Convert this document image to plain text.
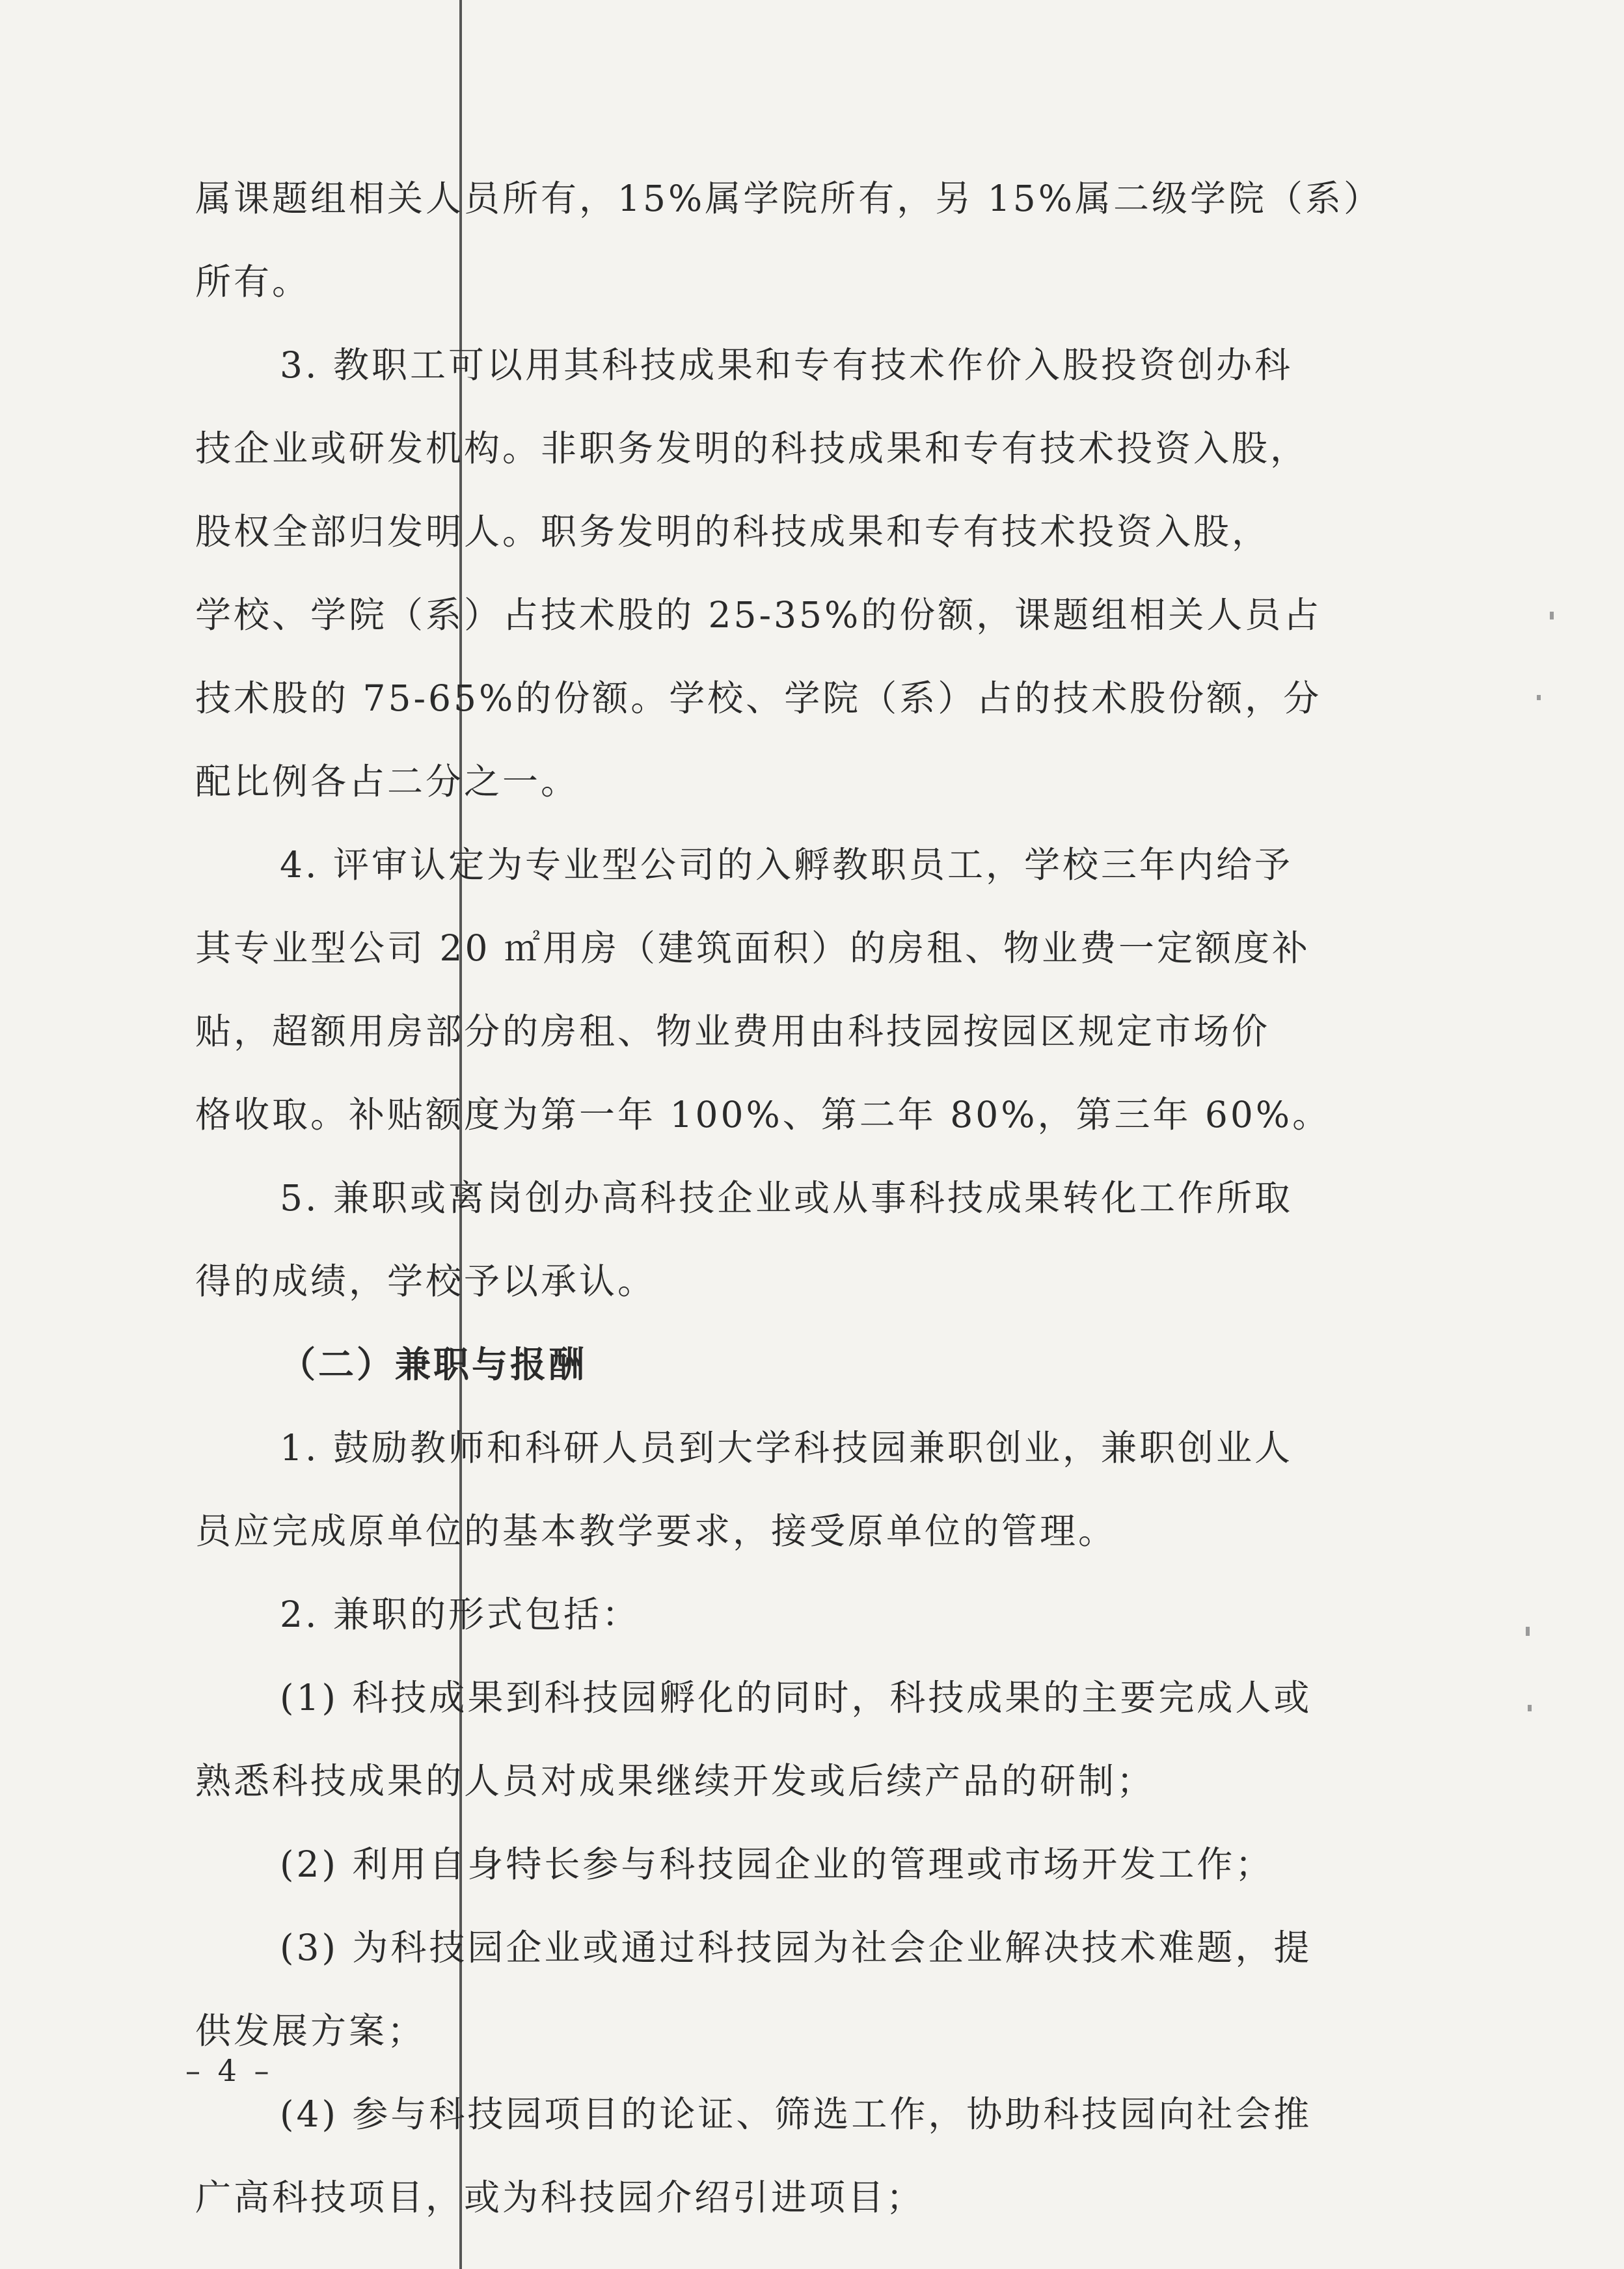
属课题组相关人员所有，15%属学院所有，另 15%属二级学院（系）
所有。
3. 教职工可以用其科技成果和专有技术作价入股投资创办科
技企业或研发机构。非职务发明的科技成果和专有技术投资入股，
股权全部归发明人。职务发明的科技成果和专有技术投资入股，
学校、学院（系）占技术股的 25-35%的份额，课题组相关人员占
技术股的 75-65%的份额。学校、学院（系）占的技术股份额，分
配比例各占二分之一。
4. 评审认定为专业型公司的入孵教职员工，学校三年内给予
其专业型公司 20 ㎡用房（建筑面积）的房租、物业费一定额度补
贴，超额用房部分的房租、物业费用由科技园按园区规定市场价
格收取。补贴额度为第一年 100%、第二年 80%，第三年 60%。
5. 兼职或离岗创办高科技企业或从事科技成果转化工作所取
得的成绩，学校予以承认。
（二）兼职与报酬
1. 鼓励教师和科研人员到大学科技园兼职创业，兼职创业人
员应完成原单位的基本教学要求，接受原单位的管理。
2. 兼职的形式包括：
(1) 科技成果到科技园孵化的同时，科技成果的主要完成人或
熟悉科技成果的人员对成果继续开发或后续产品的研制；
(2) 利用自身特长参与科技园企业的管理或市场开发工作；
(3) 为科技园企业或通过科技园为社会企业解决技术难题，提
供发展方案；
(4) 参与科技园项目的论证、筛选工作，协助科技园向社会推
广高科技项目，或为科技园介绍引进项目；
– 4 –
